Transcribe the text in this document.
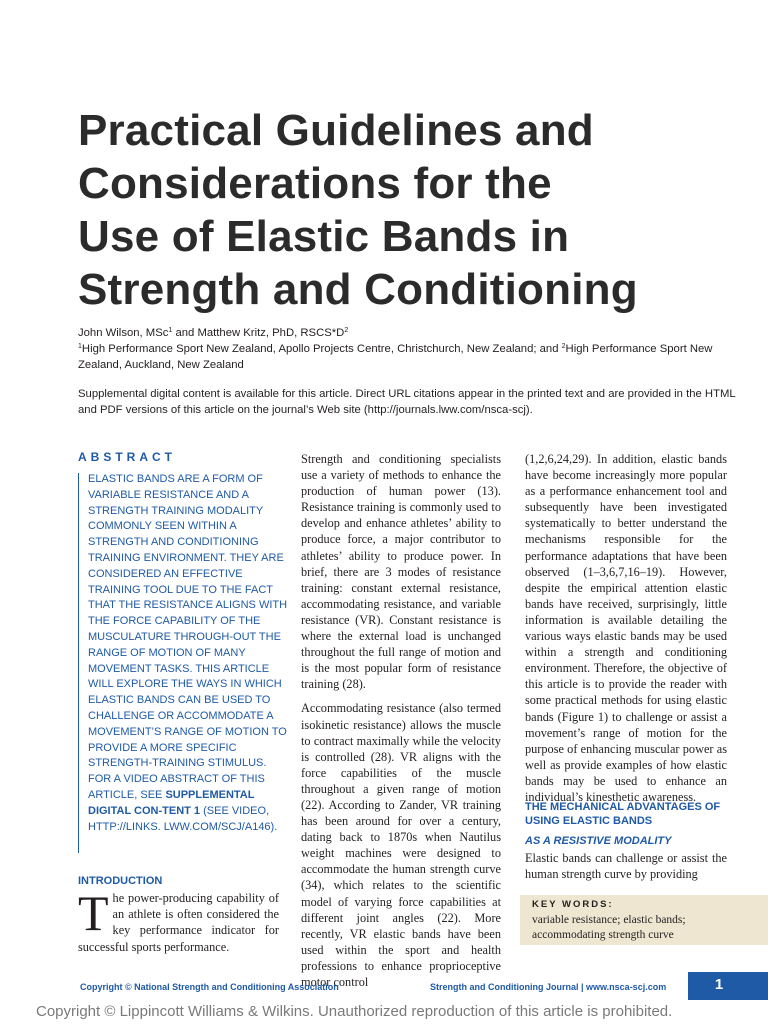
Practical Guidelines and
Considerations for the
Use of Elastic Bands in
Strength and Conditioning
John Wilson, MSc$^1$ and Matthew Kritz, PhD, $RSCS*D^2$
$^1$High Performance Sport New Zealand, Apollo Projects Centre, Christchurch, New Zealand; and $^2$High Performance Sport New Zealand, Auckland, New Zealand
Supplemental digital content is available for this article. Direct URL citations appear in the printed text and are provided in the HTML and PDF versions of this article on the journal’s Web site (http://journals.lww.com/nsca-scj).
ABSTRACT
ELASTIC BANDS ARE A FORM OF VARIABLE RESISTANCE AND A STRENGTH TRAINING MODALITY COMMONLY SEEN WITHIN A STRENGTH AND CONDITIONING TRAINING ENVIRONMENT. THEY ARE CONSIDERED AN EFFECTIVE TRAINING TOOL DUE TO THE FACT THAT THE RESISTANCE ALIGNS WITH THE FORCE CAPABILITY OF THE MUSCULATURE THROUGH-OUT THE RANGE OF MOTION OF MANY MOVEMENT TASKS. THIS ARTICLE WILL EXPLORE THE WAYS IN WHICH ELASTIC BANDS CAN BE USED TO CHALLENGE OR ACCOMMODATE A MOVEMENT’S RANGE OF MOTION TO PROVIDE A MORE SPECIFIC STRENGTH-TRAINING STIMULUS. FOR A VIDEO ABSTRACT OF THIS ARTICLE, SEE SUPPLEMENTAL DIGITAL CON-TENT 1 (SEE VIDEO, HTTP://LINKS. LWW.COM/SCJ/A146).
INTRODUCTION
The power-producing capability of an athlete is often considered the key performance indicator for successful sports performance.

Strength and conditioning specialists use a variety of methods to enhance the production of human power (13). Resistance training is commonly used to develop and enhance athletes’ ability to produce force, a major contributor to athletes’ ability to produce power. In brief, there are 3 modes of resistance training: constant external resistance, accommodating resistance, and variable resistance (VR). Constant resistance is where the external load is unchanged throughout the full range of motion and is the most popular form of resistance training (28).

Accommodating resistance (also termed isokinetic resistance) allows the muscle to contract maximally while the velocity is controlled (28). VR aligns with the force capabilities of the muscle throughout a given range of motion (22). According to Zander, VR training has been around for over a century, dating back to 1870s when Nautilus weight machines were designed to accommodate the human strength curve (34), which relates to the scientific model of varying force capabilities at different joint angles (22). More recently, VR elastic bands have been used within the sport and health professions to enhance proprioceptive motor control

(1,2,6,24,29). In addition, elastic bands have become increasingly more popular as a performance enhancement tool and subsequently have been investigated systematically to better understand the mechanisms responsible for the performance adaptations that have been observed (1–3,6,7,16–19). However, despite the empirical attention elastic bands have received, surprisingly, little information is available detailing the various ways elastic bands may be used within a strength and conditioning environment. Therefore, the objective of this article is to provide the reader with some practical methods for using elastic bands (Figure 1) to challenge or assist a movement’s range of motion for the purpose of enhancing muscular power as well as provide examples of how elastic bands may be used to enhance an individual’s kinesthetic awareness.

THE MECHANICAL ADVANTAGES OF USING ELASTIC BANDS
AS A RESISTIVE MODALITY
Elastic bands can challenge or assist the human strength curve by providing
KEY WORDS:
variable resistance; elastic bands;
accommodating strength curve
Copyright © National Strength and Conditioning Association	Strength and Conditioning Journal | www.nsca-scj.com	1
Copyright © Lippincott Williams & Wilkins. Unauthorized reproduction of this article is prohibited.
